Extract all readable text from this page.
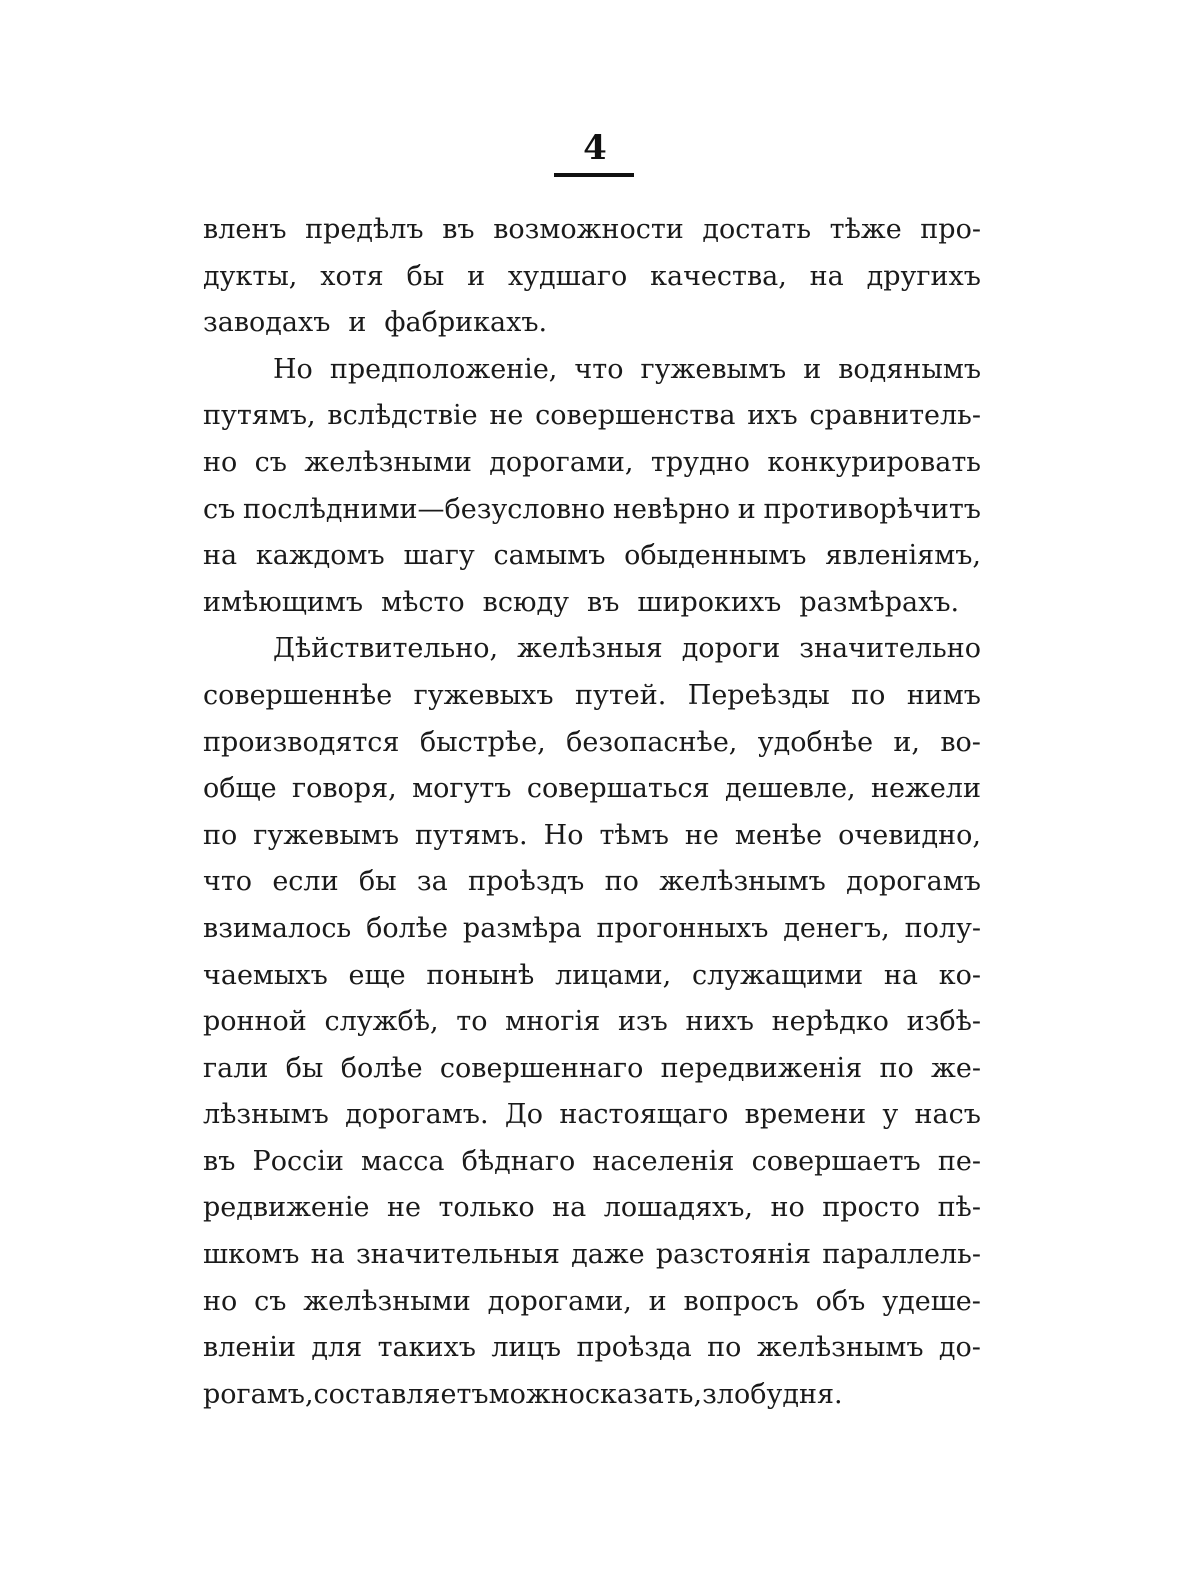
4
вленъ предѣлъ въ возможности достать тѣже про-
дукты, хотя бы и худшаго качества, на другихъ
заводахъ и фабрикахъ.
Но предположеніе, что гужевымъ и водянымъ
путямъ, вслѣдствіе не совершенства ихъ сравнитель-
но съ желѣзными дорогами, трудно конкурировать
съ послѣдними—безусловно невѣрно и противорѣчитъ
на каждомъ шагу самымъ обыденнымъ явленіямъ,
имѣющимъ мѣсто всюду въ широкихъ размѣрахъ.
Дѣйствительно, желѣзныя дороги значительно
совершеннѣе гужевыхъ путей. Переѣзды по нимъ
производятся быстрѣе, безопаснѣе, удобнѣе и, во-
обще говоря, могутъ совершаться дешевле, нежели
по гужевымъ путямъ. Но тѣмъ не менѣе очевидно,
что если бы за проѣздъ по желѣзнымъ дорогамъ
взималось болѣе размѣра прогонныхъ денегъ, полу-
чаемыхъ еще понынѣ лицами, служащими на ко-
ронной службѣ, то многія изъ нихъ нерѣдко избѣ-
гали бы болѣе совершеннаго передвиженія по же-
лѣзнымъ дорогамъ. До настоящаго времени у насъ
въ Россіи масса бѣднаго населенія совершаетъ пе-
редвиженіе не только на лошадяхъ, но просто пѣ-
шкомъ на значительныя даже разстоянія параллель-
но съ желѣзными дорогами, и вопросъ объ удеше-
вленіи для такихъ лицъ проѣзда по желѣзнымъ до-
рогамъ, составляетъ можно сказать, злобу дня.
